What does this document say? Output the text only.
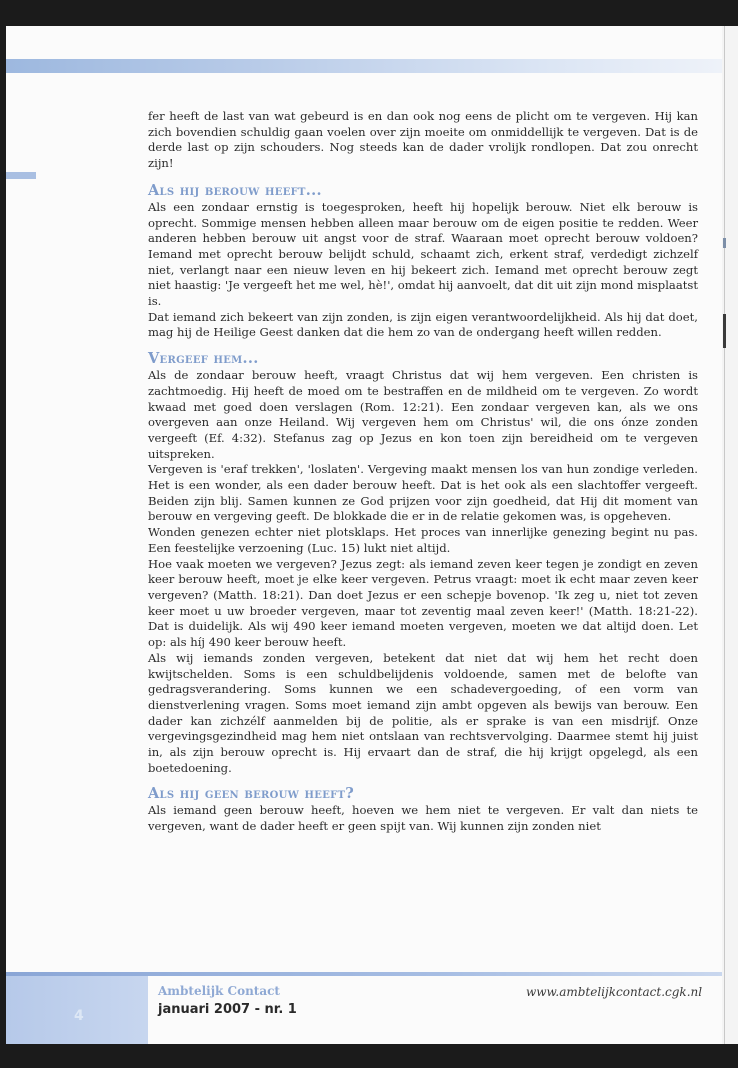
fer heeft de last van wat gebeurd is en dan ook nog eens de plicht om te vergeven. Hij kan zich bovendien schuldig gaan voelen over zijn moeite om onmiddellijk te vergeven. Dat is de derde last op zijn schouders. Nog steeds kan de dader vrolijk rondlopen. Dat zou onrecht zijn!

Als hij berouw heeft...

Als een zondaar ernstig is toegesproken, heeft hij hopelijk berouw. Niet elk berouw is oprecht. Sommige mensen hebben alleen maar berouw om de eigen positie te redden. Weer anderen hebben berouw uit angst voor de straf. Waaraan moet oprecht berouw voldoen? Iemand met oprecht berouw belijdt schuld, schaamt zich, erkent straf, verdedigt zichzelf niet, verlangt naar een nieuw leven en hij bekeert zich. Iemand met oprecht berouw zegt niet haastig: 'Je vergeeft het me wel, hè!', omdat hij aanvoelt, dat dit uit zijn mond misplaatst is.

Dat iemand zich bekeert van zijn zonden, is zijn eigen verantwoordelijkheid. Als hij dat doet, mag hij de Heilige Geest danken dat die hem zo van de ondergang heeft willen redden.

Vergeef hem...

Als de zondaar berouw heeft, vraagt Christus dat wij hem vergeven. Een christen is zachtmoedig. Hij heeft de moed om te bestraffen en de mildheid om te vergeven. Zo wordt kwaad met goed doen verslagen (Rom. 12:21). Een zondaar vergeven kan, als we ons overgeven aan onze Heiland. Wij vergeven hem om Christus' wil, die ons ónze zonden vergeeft (Ef. 4:32). Stefanus zag op Jezus en kon toen zijn bereidheid om te vergeven uitspreken.

Vergeven is 'eraf trekken', 'loslaten'. Vergeving maakt mensen los van hun zondige verleden. Het is een wonder, als een dader berouw heeft. Dat is het ook als een slachtoffer vergeeft. Beiden zijn blij. Samen kunnen ze God prijzen voor zijn goedheid, dat Hij dit moment van berouw en vergeving geeft. De blokkade die er in de relatie gekomen was, is opgeheven.

Wonden genezen echter niet plotsklaps. Het proces van innerlijke genezing begint nu pas. Een feestelijke verzoening (Luc. 15) lukt niet altijd.

Hoe vaak moeten we vergeven? Jezus zegt: als iemand zeven keer tegen je zondigt en zeven keer berouw heeft, moet je elke keer vergeven. Petrus vraagt: moet ik echt maar zeven keer vergeven? (Matth. 18:21). Dan doet Jezus er een schepje bovenop. 'Ik zeg u, niet tot zeven keer moet u uw broeder vergeven, maar tot zeventig maal zeven keer!' (Matth. 18:21-22). Dat is duidelijk. Als wij 490 keer iemand moeten vergeven, moeten we dat altijd doen. Let op: als híj 490 keer berouw heeft.

Als wij iemands zonden vergeven, betekent dat niet dat wij hem het recht doen kwijtschelden. Soms is een schuldbelijdenis voldoende, samen met de belofte van gedragsverandering. Soms kunnen we een schadevergoeding, of een vorm van dienstverlening vragen. Soms moet iemand zijn ambt opgeven als bewijs van berouw. Een dader kan zichzélf aanmelden bij de politie, als er sprake is van een misdrijf. Onze vergevingsgezindheid mag hem niet ontslaan van rechtsvervolging. Daarmee stemt hij juist in, als zijn berouw oprecht is. Hij ervaart dan de straf, die hij krijgt opgelegd, als een boetedoening.

Als hij geen berouw heeft?

Als iemand geen berouw heeft, hoeven we hem niet te vergeven. Er valt dan niets te vergeven, want de dader heeft er geen spijt van. Wij kunnen zijn zonden niet

4
Ambtelijk Contact
januari 2007 - nr. 1
www.ambtelijkcontact.cgk.nl
